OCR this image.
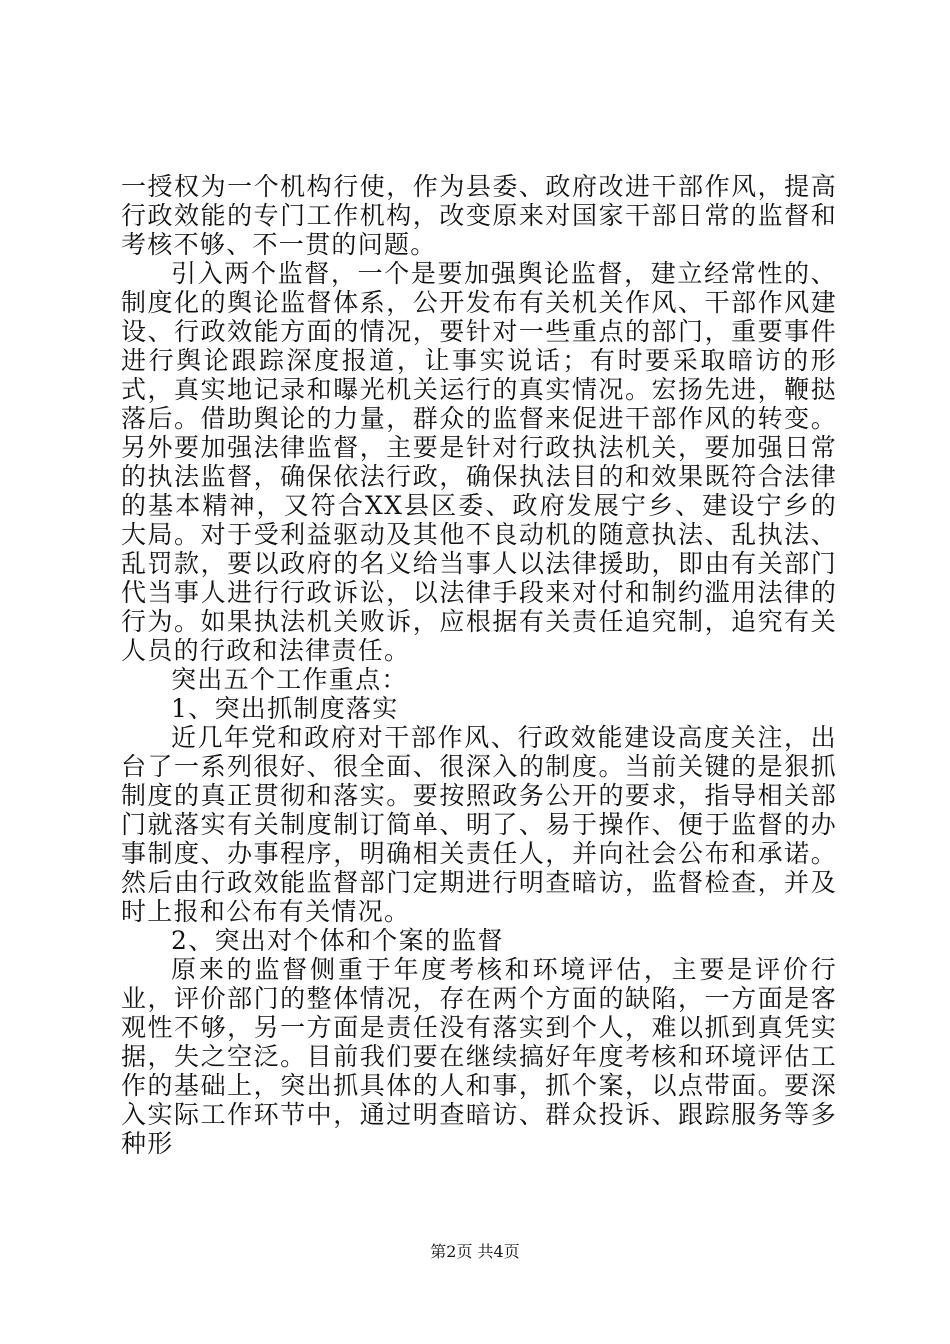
一授权为一个机构行使，作为县委、政府改进干部作风，提高行政效能的专门工作机构，改变原来对国家干部日常的监督和考核不够、不一贯的问题。

引入两个监督，一个是要加强舆论监督，建立经常性的、制度化的舆论监督体系，公开发布有关机关作风、干部作风建设、行政效能方面的情况，要针对一些重点的部门，重要事件进行舆论跟踪深度报道，让事实说话；有时要采取暗访的形式，真实地记录和曝光机关运行的真实情况。宏扬先进，鞭挞落后。借助舆论的力量，群众的监督来促进干部作风的转变。另外要加强法律监督，主要是针对行政执法机关，要加强日常的执法监督，确保依法行政，确保执法目的和效果既符合法律的基本精神，又符合XX县区委、政府发展宁乡、建设宁乡的大局。对于受利益驱动及其他不良动机的随意执法、乱执法、乱罚款，要以政府的名义给当事人以法律援助，即由有关部门代当事人进行行政诉讼，以法律手段来对付和制约滥用法律的行为。如果执法机关败诉，应根据有关责任追究制，追究有关人员的行政和法律责任。

突出五个工作重点：

1、突出抓制度落实

近几年党和政府对干部作风、行政效能建设高度关注，出台了一系列很好、很全面、很深入的制度。当前关键的是狠抓制度的真正贯彻和落实。要按照政务公开的要求，指导相关部门就落实有关制度制订简单、明了、易于操作、便于监督的办事制度、办事程序，明确相关责任人，并向社会公布和承诺。然后由行政效能监督部门定期进行明查暗访，监督检查，并及时上报和公布有关情况。

2、突出对个体和个案的监督

原来的监督侧重于年度考核和环境评估，主要是评价行业，评价部门的整体情况，存在两个方面的缺陷，一方面是客观性不够，另一方面是责任没有落实到个人，难以抓到真凭实据，失之空泛。目前我们要在继续搞好年度考核和环境评估工作的基础上，突出抓具体的人和事，抓个案，以点带面。要深入实际工作环节中，通过明查暗访、群众投诉、跟踪服务等多种形

第2页 共4页
